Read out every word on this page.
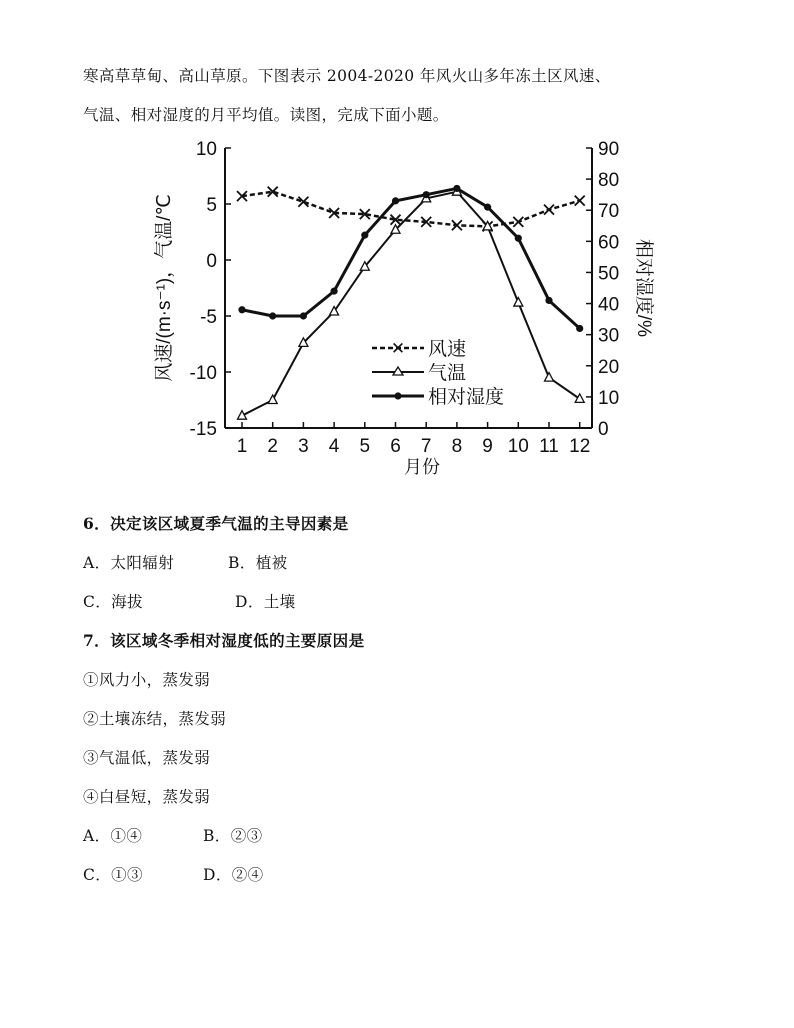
寒高草草甸、高山草原。下图表示 2004-2020 年风火山多年冻土区风速、
气温、相对湿度的月平均值。读图，完成下面小题。
10
5
0
-5
-10
-15
90
80
70
60
50
40
30
20
10
0
1 2 3 4 5 6 7 8 9 10 11 12
风速/(m·s⁻¹)，气温/℃	相对湿度/%
月份
✕ 风速
气温
相对湿度
6．决定该区域夏季气温的主导因素是
A．太阳辐射	B．植被
C．海拔	D．土壤
7．该区域冬季相对湿度低的主要原因是
①风力小，蒸发弱
②土壤冻结，蒸发弱
③气温低，蒸发弱
④白昼短，蒸发弱
A．①④	B．②③
C．①③	D．②④
